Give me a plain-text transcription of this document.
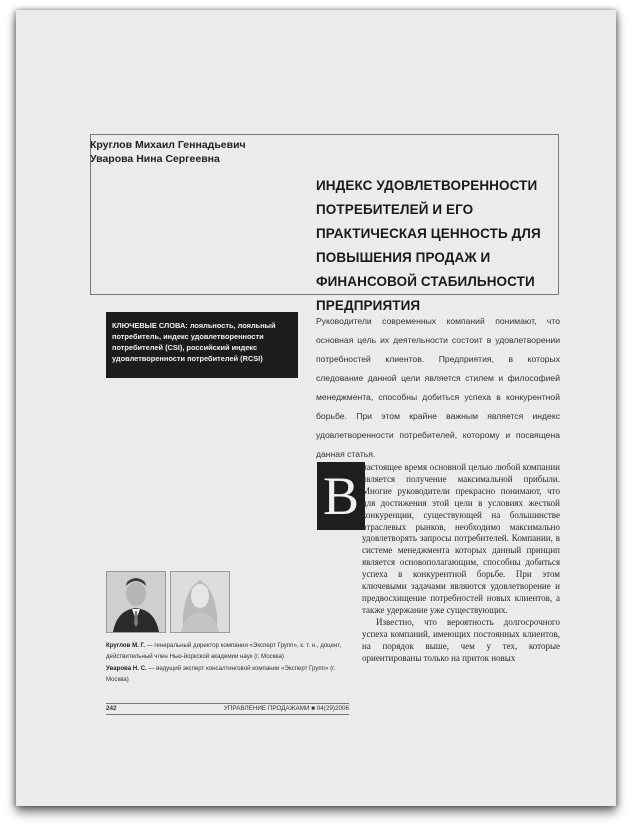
Круглов Михаил Геннадьевич
Уварова Нина Сергеевна
ИНДЕКС УДОВЛЕТВОРЕННОСТИ ПОТРЕБИТЕЛЕЙ И ЕГО ПРАКТИЧЕСКАЯ ЦЕННОСТЬ ДЛЯ ПОВЫШЕНИЯ ПРОДАЖ И ФИНАНСОВОЙ СТАБИЛЬНОСТИ ПРЕДПРИЯТИЯ
КЛЮЧЕВЫЕ СЛОВА: лояльность, лояльный потребитель, индекс удовлетворенности потребителей (CSI), российский индекс удовлетворенности потребителей (RCSI)
Руководители современных компаний понимают, что основная цель их деятельности состоит в удовлетворении потребностей клиентов. Предприятия, в которых следование данной цели является стилем и философией менеджмента, способны добиться успеха в конкурентной борьбе. При этом крайне важным является индекс удовлетворенности потребителей, которому и посвящена данная статья.
В настоящее время основной целью любой компании является получение максимальной прибыли. Многие руководители прекрасно понимают, что для достижения этой цели в условиях жесткой конкуренции, существующей на большинстве отраслевых рынков, необходимо максимально удовлетворять запросы потребителей. Компании, в системе менеджмента которых данный принцип является основополагающим, способны добиться успеха в конкурентной борьбе. При этом ключевыми задачами являются удовлетворение и предвосхищение потребностей новых клиентов, а также удержание уже существующих.

Известно, что вероятность долгосрочного успеха компаний, имеющих постоянных клиентов, на порядок выше, чем у тех, которые ориентированы только на приток новых

Круглов М. Г. — генеральный директор компании «Эксперт Групп», к. т. н., доцент, действительный член Нью-йоркской академии наук (г. Москва)
Уварова Н. С. — ведущий эксперт консалтинговой компании «Эксперт Групп» (г. Москва)
242	УПРАВЛЕНИЕ ПРОДАЖАМИ ■ 04(29)2006
